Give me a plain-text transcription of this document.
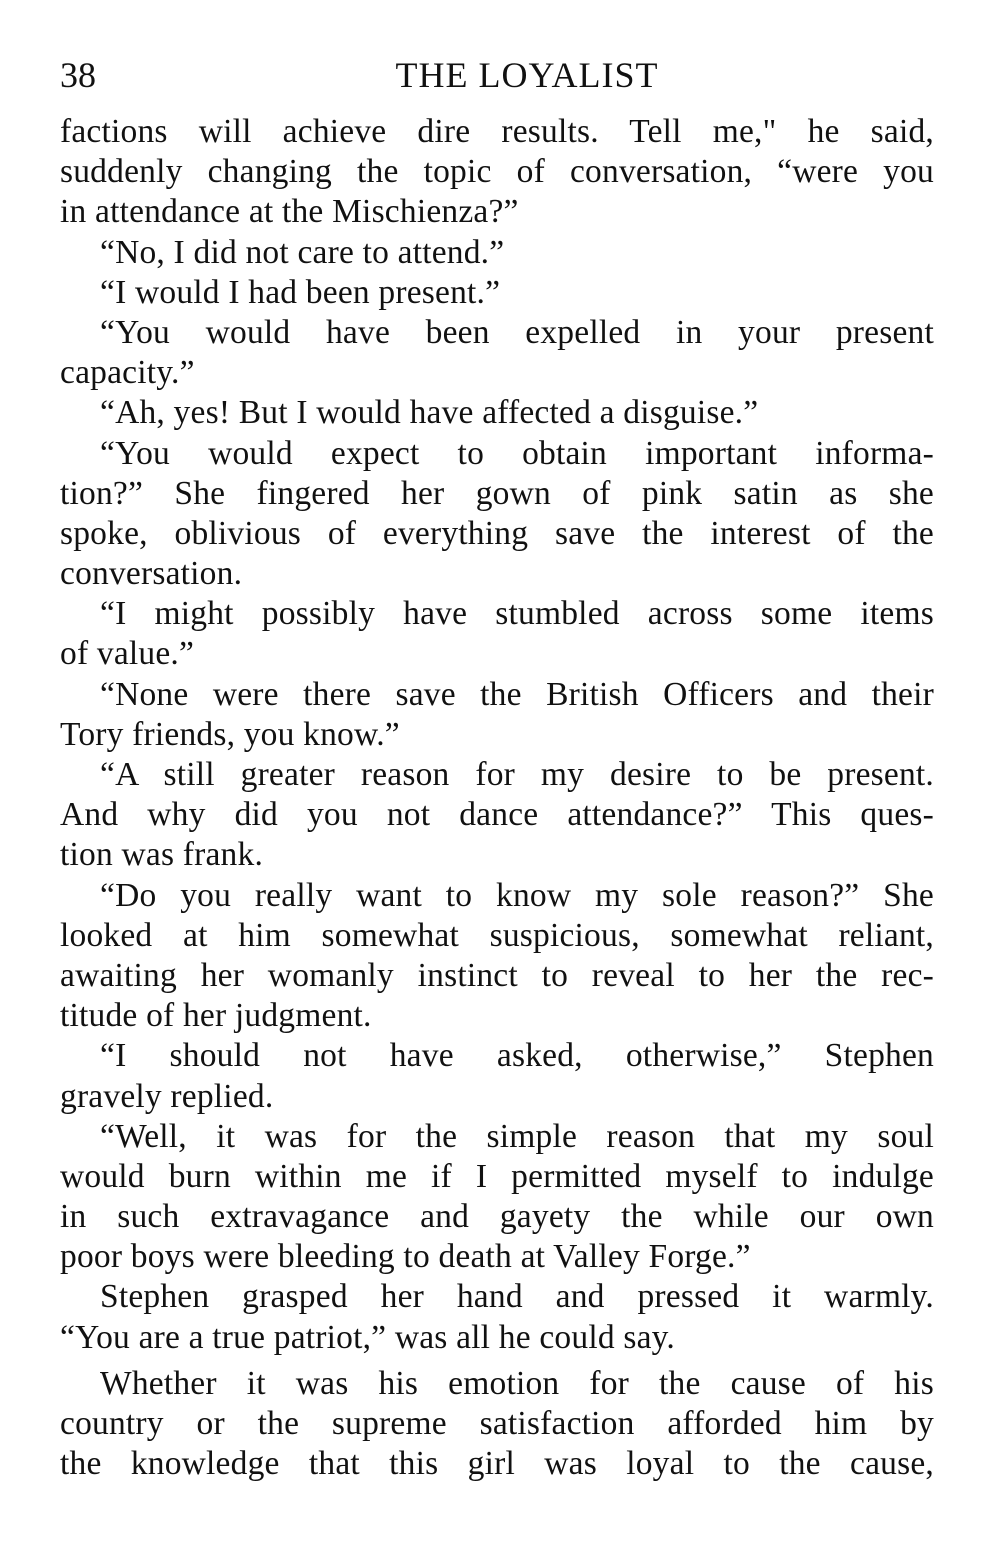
38	THE LOYALIST
factions will achieve dire results. Tell me," he said,
suddenly changing the topic of conversation, “were you
in attendance at the Mischienza?”
“No, I did not care to attend.”
“I would I had been present.”
“You would have been expelled in your present
capacity.”
“Ah, yes! But I would have affected a disguise.”
“You would expect to obtain important informa-
tion?” She fingered her gown of pink satin as she
spoke, oblivious of everything save the interest of the
conversation.
“I might possibly have stumbled across some items
of value.”
“None were there save the British Officers and their
Tory friends, you know.”
“A still greater reason for my desire to be present.
And why did you not dance attendance?” This ques-
tion was frank.
“Do you really want to know my sole reason?” She
looked at him somewhat suspicious, somewhat reliant,
awaiting her womanly instinct to reveal to her the rec-
titude of her judgment.
“I should not have asked, otherwise,” Stephen
gravely replied.
“Well, it was for the simple reason that my soul
would burn within me if I permitted myself to indulge
in such extravagance and gayety the while our own
poor boys were bleeding to death at Valley Forge.”
Stephen grasped her hand and pressed it warmly.
“You are a true patriot,” was all he could say.
Whether it was his emotion for the cause of his
country or the supreme satisfaction afforded him by
the knowledge that this girl was loyal to the cause,
